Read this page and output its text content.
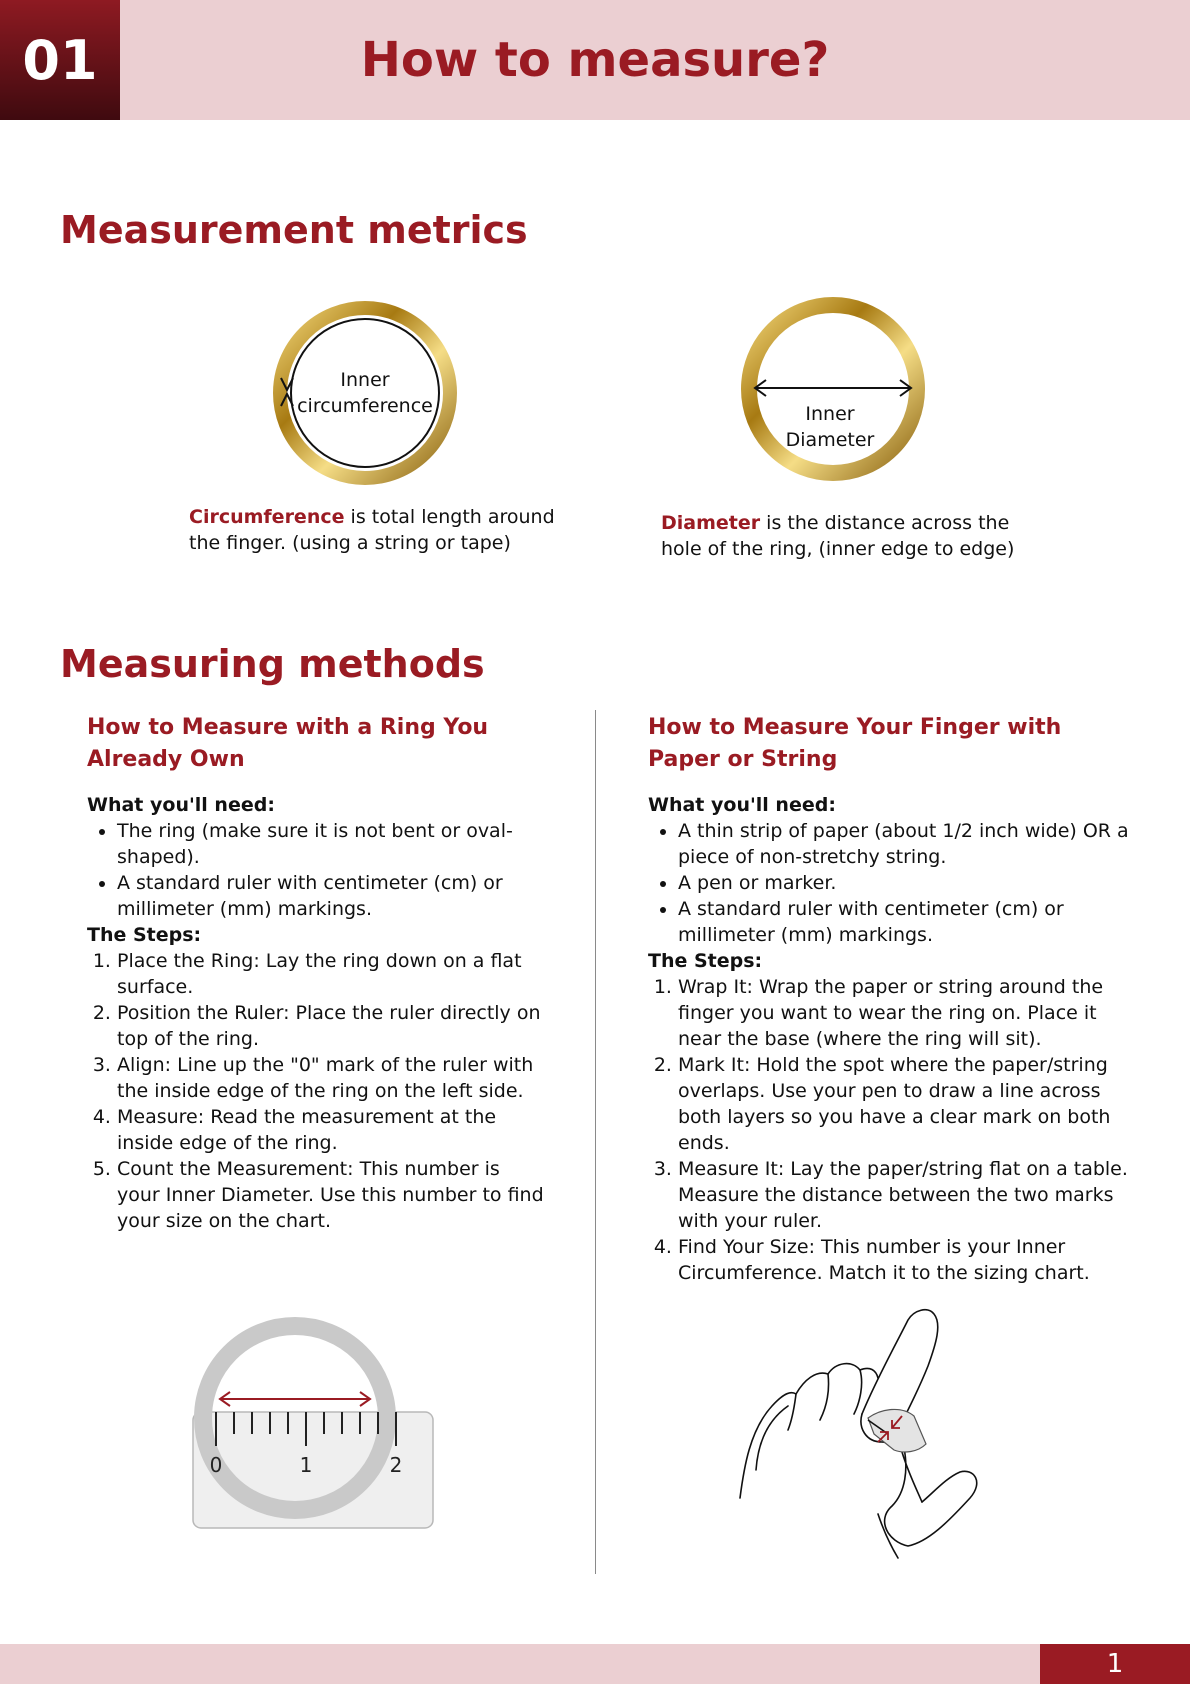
01	How to measure?
Measurement metrics
Inner
circumference	Inner
Diameter
Circumference is total length around
the finger. (using a string or tape)
Diameter is the distance across the
hole of the ring, (inner edge to edge)
Measuring methods
How to Measure with a Ring You Already Own

What you'll need:

• The ring (make sure it is not bent or oval-shaped).
• A standard ruler with centimeter (cm) or millimeter (mm) markings.

The Steps:

1. Place the Ring: Lay the ring down on a flat surface.
2. Position the Ruler: Place the ruler directly on top of the ring.
3. Align: Line up the "0" mark of the ruler with the inside edge of the ring on the left side.
4. Measure: Read the measurement at the inside edge of the ring.
5. Count the Measurement: This number is your Inner Diameter. Use this number to find your size on the chart.
How to Measure Your Finger with Paper or String

What you'll need:

• A thin strip of paper (about 1/2 inch wide) OR a piece of non-stretchy string.
• A pen or marker.
• A standard ruler with centimeter (cm) or millimeter (mm) markings.

The Steps:

1. Wrap It: Wrap the paper or string around the finger you want to wear the ring on. Place it near the base (where the ring will sit).
2. Mark It: Hold the spot where the paper/string overlaps. Use your pen to draw a line across both layers so you have a clear mark on both ends.
3. Measure It: Lay the paper/string flat on a table. Measure the distance between the two marks with your ruler.
4. Find Your Size: This number is your Inner Circumference. Match it to the sizing chart.
0	1	2
1
